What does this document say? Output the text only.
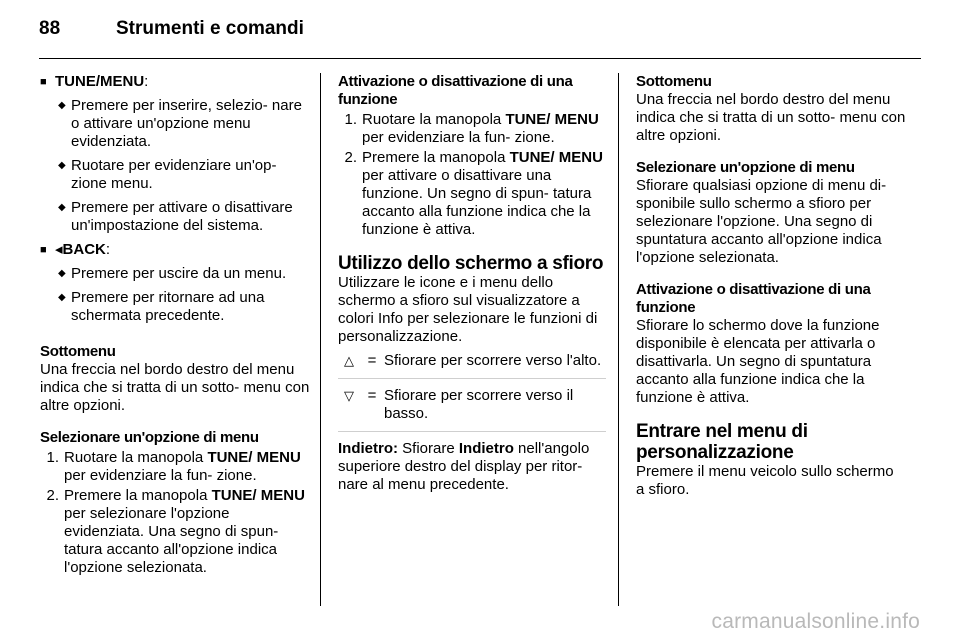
88	Strumenti e comandi
■ TUNE/MENU:
◆ Premere per inserire, selezio- nare o attivare un'opzione menu evidenziata.
◆ Ruotare per evidenziare un'op- zione menu.
◆ Premere per attivare o disattivare un'impostazione del sistema.
■ ◂BACK:
◆ Premere per uscire da un menu.
◆ Premere per ritornare ad una schermata precedente.
Sottomenu
Una freccia nel bordo destro del menu indica che si tratta di un sotto- menu con altre opzioni.
Selezionare un'opzione di menu
1. Ruotare la manopola TUNE/ MENU per evidenziare la fun- zione.
2. Premere la manopola TUNE/ MENU per selezionare l'opzione evidenziata. Una segno di spun- tatura accanto all'opzione indica l'opzione selezionata.
Attivazione o disattivazione di una funzione
1. Ruotare la manopola TUNE/ MENU per evidenziare la fun- zione.
2. Premere la manopola TUNE/ MENU per attivare o disattivare una funzione. Un segno di spun- tatura accanto alla funzione indica che la funzione è attiva.
Utilizzo dello schermo a sfioro
Utilizzare le icone e i menu dello schermo a sfioro sul visualizzatore a colori Info per selezionare le funzioni di personalizzazione.
△ = Sfiorare per scorrere verso l'alto.
▽ = Sfiorare per scorrere verso il basso.
Indietro: Sfiorare Indietro nell'angolo superiore destro del display per ritor- nare al menu precedente.
Sottomenu
Una freccia nel bordo destro del menu indica che si tratta di un sotto- menu con altre opzioni.
Selezionare un'opzione di menu
Sfiorare qualsiasi opzione di menu di- sponibile sullo schermo a sfioro per selezionare l'opzione. Una segno di spuntatura accanto all'opzione indica l'opzione selezionata.
Attivazione o disattivazione di una funzione
Sfiorare lo schermo dove la funzione disponibile è elencata per attivarla o disattivarla. Un segno di spuntatura accanto alla funzione indica che la funzione è attiva.
Entrare nel menu di personalizzazione
Premere il menu veicolo sullo schermo a sfioro.
carmanualsonline.info
